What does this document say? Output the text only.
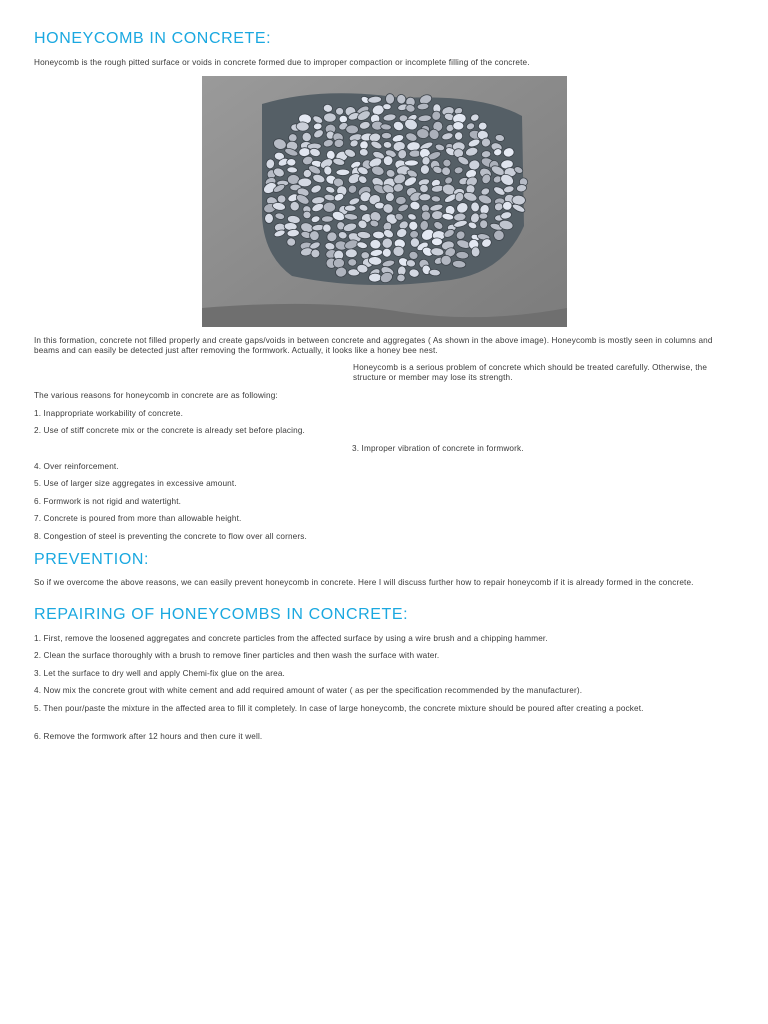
HONEYCOMB IN CONCRETE:

Honeycomb is the rough pitted surface or voids in concrete formed due to improper compaction or incomplete filling of the concrete.

In this formation, concrete not filled properly and create gaps/voids in between concrete and aggregates ( As shown in the above image). Honeycomb is mostly seen in columns and beams and can easily be detected just after removing the formwork. Actually, it looks like a honey bee nest.

Honeycomb is a serious problem of concrete which should be treated carefully. Otherwise, the structure or member may lose its strength.

The various reasons for honeycomb in concrete are as following:

1. Inappropriate workability of concrete.

2. Use of stiff concrete mix or the concrete is already set before placing.

3. Improper vibration of concrete in formwork.

4. Over reinforcement.

5. Use of larger size aggregates in excessive amount.

6. Formwork is not rigid and watertight.

7. Concrete is poured from more than allowable height.

8. Congestion of steel is preventing the concrete to flow over all corners.

PREVENTION:

So if we overcome the above reasons, we can easily prevent honeycomb in concrete. Here I will discuss further how to repair honeycomb if it is already formed in the concrete.

REPAIRING OF HONEYCOMBS IN CONCRETE:

1. First, remove the loosened aggregates and concrete particles from the affected surface by using a wire brush and a chipping hammer.

2. Clean the surface thoroughly with a brush to remove finer particles and then wash the surface with water.

3. Let the surface to dry well and apply Chemi-fix glue on the area.

4. Now mix the concrete grout with white cement and add required amount of water ( as per the specification recommended by the manufacturer).

5. Then pour/paste the mixture in the affected area to fill it completely. In case of large honeycomb, the concrete mixture should be poured after creating a pocket.

6. Remove the formwork after 12 hours and then cure it well.
